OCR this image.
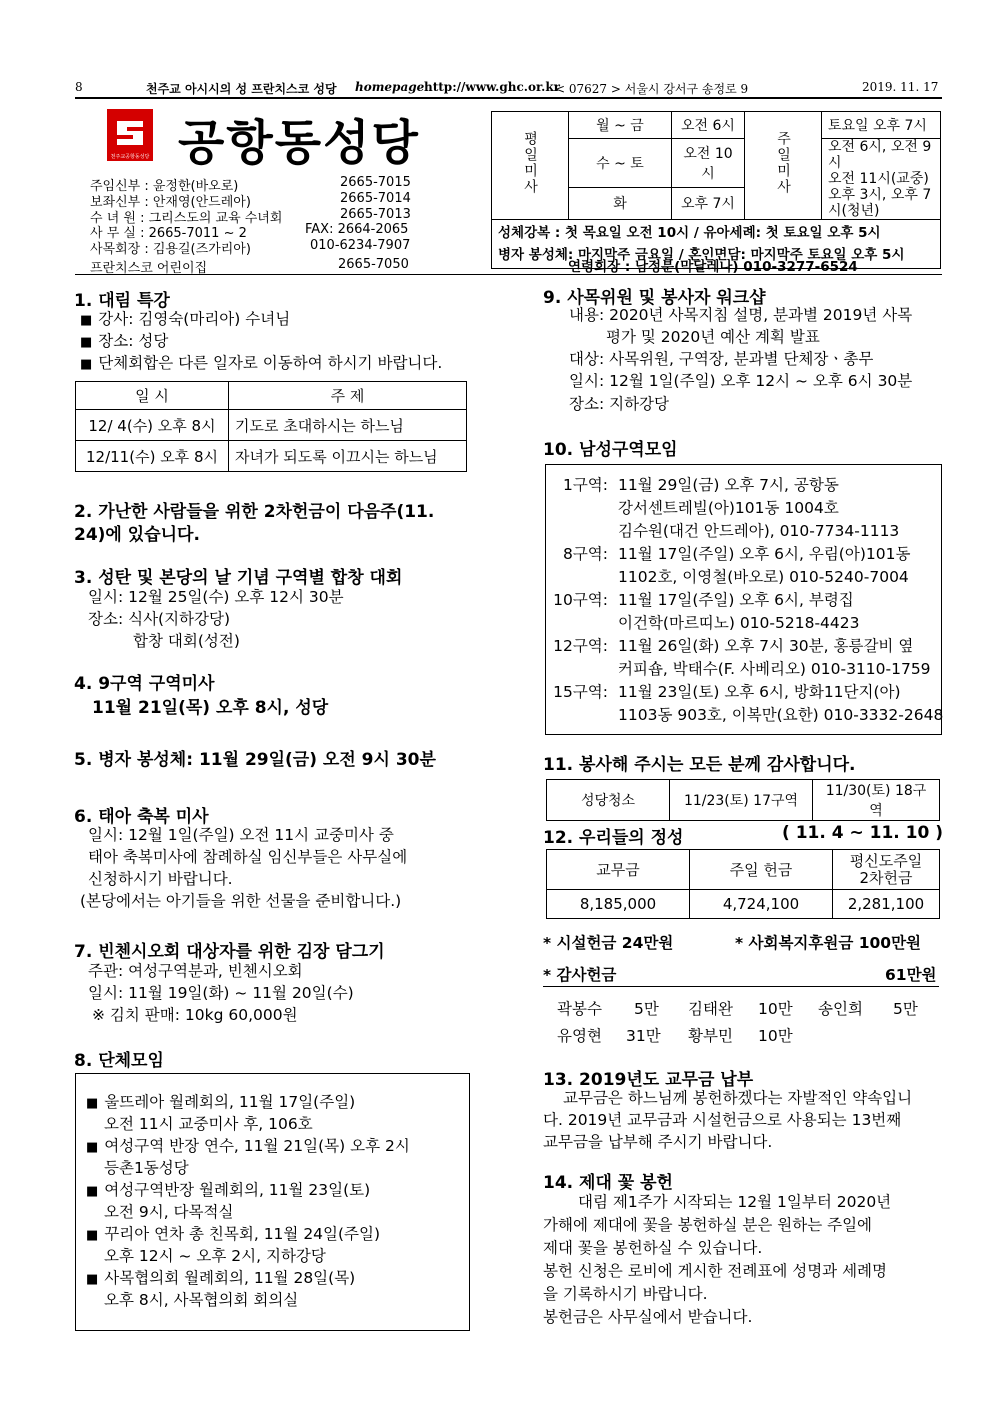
8	천주교 아시시의 성 프란치스코 성당 homepage http://www.ghc.or.kr
< 07627 > 서울시 강서구 송정로 9	2019. 11. 17
천주교공항동성당 공항동성당
주임신부 : 윤정한(바오로)	2665-7015
보좌신부 : 안재영(안드레아)	2665-7014
수 녀 원 : 그리스도의 교육 수녀회	2665-7013
사 무 실 : 2665-7011 ~ 2	FAX: 2664-2065
사목회장 : 김용길(즈가리아)	010-6234-7907
프란치스코 어린이집	2665-7050
평일미사	월 ~ 금	오전 6시	주일미사	토요일 오후 7시
	수 ~ 토	오전 10시		오전 6시, 오전 9시
오전 11시(교중)
오후 3시, 오후 7시(청년)

	화	오후 7시		

성체강복 : 첫 목요일 오전 10시 / 유아세례: 첫 토요일 오후 5시
병자 봉성체: 마지막주 금요일 / 혼인면담: 마지막주 토요일 오후 5시				
연령회장 : 남정분(막달레나) 010-3277-6524
1. 대림 특강
■ 강사: 김영숙(마리아) 수녀님
■ 장소: 성당
■ 단체회합은 다른 일자로 이동하여 하시기 바랍니다.
일 시	주 제
12/ 4(수) 오후 8시	기도로 초대하시는 하느님
12/11(수) 오후 8시	자녀가 되도록 이끄시는 하느님
2. 가난한 사람들을 위한 2차헌금이 다음주(11.
24)에 있습니다.
3. 성탄 및 본당의 날 기념 구역별 합창 대회
일시: 12월 25일(수) 오후 12시 30분
장소: 식사(지하강당)
합창 대회(성전)
4. 9구역 구역미사
11월 21일(목) 오후 8시, 성당
5. 병자 봉성체: 11월 29일(금) 오전 9시 30분
6. 태아 축복 미사
일시: 12월 1일(주일) 오전 11시 교중미사 중
태아 축복미사에 참례하실 임신부들은 사무실에
신청하시기 바랍니다.
(본당에서는 아기들을 위한 선물을 준비합니다.)
7. 빈첸시오회 대상자를 위한 김장 담그기
주관: 여성구역분과, 빈첸시오회
일시: 11월 19일(화) ~ 11월 20일(수)
※ 김치 판매: 10kg 60,000원
8. 단체모임
■ 울뜨레아 월례회의, 11월 17일(주일)
오전 11시 교중미사 후, 106호
■ 여성구역 반장 연수, 11월 21일(목) 오후 2시
등촌1동성당
■ 여성구역반장 월례회의, 11월 23일(토)
오전 9시, 다목적실
■ 꾸리아 연차 총 친목회, 11월 24일(주일)
오후 12시 ~ 오후 2시, 지하강당
■ 사목협의회 월례회의, 11월 28일(목)
오후 8시, 사목협의회 회의실
9. 사목위원 및 봉사자 워크샵
내용: 2020년 사목지침 설명, 분과별 2019년 사목
평가 및 2020년 예산 계획 발표
대상: 사목위원, 구역장, 분과별 단체장ㆍ총무
일시: 12월 1일(주일) 오후 12시 ~ 오후 6시 30분
장소: 지하강당
10. 남성구역모임
1구역: 11월 29일(금) 오후 7시, 공항동
강서센트레빌(아)101동 1004호
김수원(대건 안드레아), 010-7734-1113
8구역: 11월 17일(주일) 오후 6시, 우림(아)101동
1102호, 이영철(바오로) 010-5240-7004
10구역: 11월 17일(주일) 오후 6시, 부령집
이건학(마르띠노) 010-5218-4423
12구역: 11월 26일(화) 오후 7시 30분, 홍릉갈비 옆
커피숍, 박태수(F. 사베리오) 010-3110-1759
15구역: 11월 23일(토) 오후 6시, 방화11단지(아)
1103동 903호, 이복만(요한) 010-3332-2648
11. 봉사해 주시는 모든 분께 감사합니다.
성당청소	11/23(토) 17구역	11/30(토) 18구역
12. 우리들의 정성	( 11. 4 ~ 11. 10 )
교무금	주일 헌금	평신도주일
2차헌금

8,185,000	4,724,100	2,281,100
* 시설헌금 24만원	* 사회복지후원금 100만원
* 감사헌금	61만원
곽봉수 5만 김태완 10만 송인희 5만
유영현 31만 황부민 10만
13. 2019년도 교무금 납부
교무금은 하느님께 봉헌하겠다는 자발적인 약속입니
다. 2019년 교무금과 시설헌금으로 사용되는 13번째
교무금을 납부해 주시기 바랍니다.
14. 제대 꽃 봉헌
대림 제1주가 시작되는 12월 1일부터 2020년
가해에 제대에 꽃을 봉헌하실 분은 원하는 주일에
제대 꽃을 봉헌하실 수 있습니다.
봉헌 신청은 로비에 게시한 전례표에 성명과 세례명
을 기록하시기 바랍니다.
봉헌금은 사무실에서 받습니다.
